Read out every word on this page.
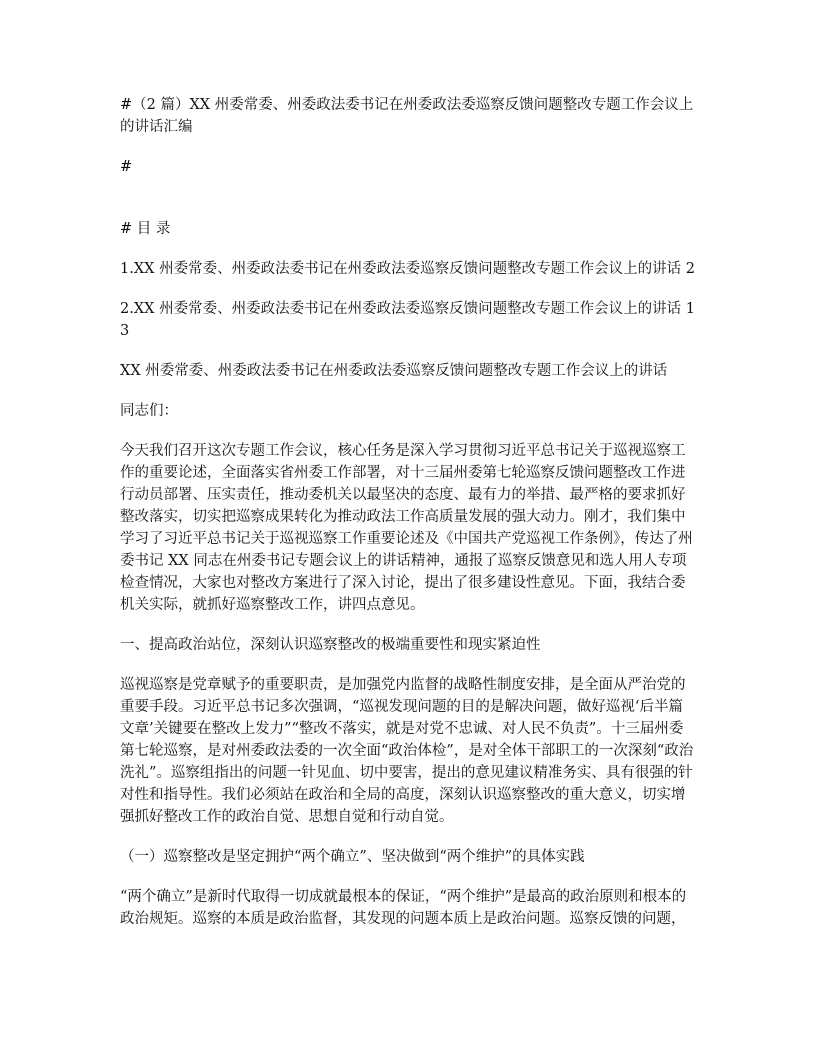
#（2 篇）XX 州委常委、州委政法委书记在州委政法委巡察反馈问题整改专题工作会议上的讲话汇编

#

# 目 录

1.XX 州委常委、州委政法委书记在州委政法委巡察反馈问题整改专题工作会议上的讲话 2

2.XX 州委常委、州委政法委书记在州委政法委巡察反馈问题整改专题工作会议上的讲话 13

XX 州委常委、州委政法委书记在州委政法委巡察反馈问题整改专题工作会议上的讲话

同志们：

今天我们召开这次专题工作会议，核心任务是深入学习贯彻习近平总书记关于巡视巡察工作的重要论述，全面落实省州委工作部署，对十三届州委第七轮巡察反馈问题整改工作进行动员部署、压实责任，推动委机关以最坚决的态度、最有力的举措、最严格的要求抓好整改落实，切实把巡察成果转化为推动政法工作高质量发展的强大动力。刚才，我们集中学习了习近平总书记关于巡视巡察工作重要论述及《中国共产党巡视工作条例》，传达了州委书记 XX 同志在州委书记专题会议上的讲话精神，通报了巡察反馈意见和选人用人专项检查情况，大家也对整改方案进行了深入讨论，提出了很多建设性意见。下面，我结合委机关实际，就抓好巡察整改工作，讲四点意见。

一、提高政治站位，深刻认识巡察整改的极端重要性和现实紧迫性

巡视巡察是党章赋予的重要职责，是加强党内监督的战略性制度安排，是全面从严治党的重要手段。习近平总书记多次强调，“巡视发现问题的目的是解决问题，做好巡视‘后半篇文章’关键要在整改上发力”“整改不落实，就是对党不忠诚、对人民不负责”。十三届州委第七轮巡察，是对州委政法委的一次全面“政治体检”，是对全体干部职工的一次深刻“政治洗礼”。巡察组指出的问题一针见血、切中要害，提出的意见建议精准务实、具有很强的针对性和指导性。我们必须站在政治和全局的高度，深刻认识巡察整改的重大意义，切实增强抓好整改工作的政治自觉、思想自觉和行动自觉。

（一）巡察整改是坚定拥护“两个确立”、坚决做到“两个维护”的具体实践

“两个确立”是新时代取得一切成就最根本的保证，“两个维护”是最高的政治原则和根本的政治规矩。巡察的本质是政治监督，其发现的问题本质上是政治问题。巡察反馈的问题，
